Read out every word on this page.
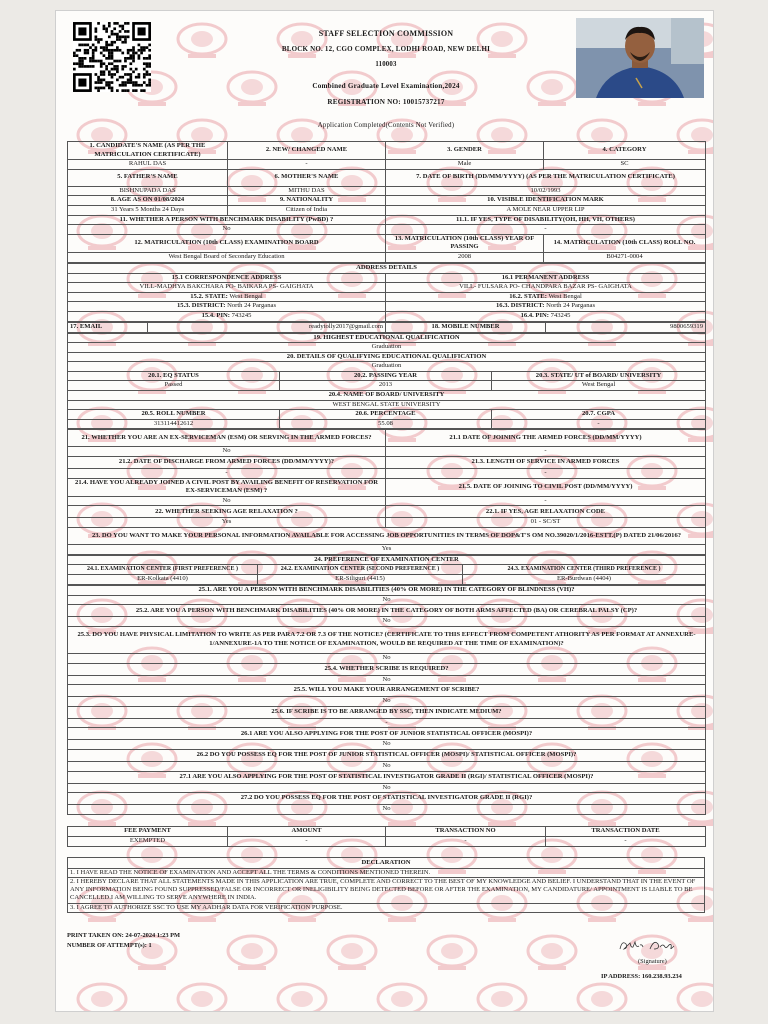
STAFF SELECTION COMMISSION
BLOCK NO. 12, CGO COMPLEX, LODHI ROAD, NEW DELHI
110003
Combined Graduate Level Examination,2024
REGISTRATION NO: 10015737217
Application Completed(Contents Not Verified)
1. CANDIDATE'S NAME (AS PER THE MATRICULATION CERTIFICATE)	2. NEW/ CHANGED NAME	3. GENDER	4. CATEGORY
RAHUL DAS	-	Male	SC
5. FATHER'S NAME	6. MOTHER'S NAME	7. DATE OF BIRTH (DD/MM/YYYY) (AS PER THE MATRICULATION CERTIFICATE)	
BISHNUPADA DAS	MITHU DAS	10/02/1993	
8. AGE AS ON 01/08/2024	9. NATIONALITY	10. VISIBLE IDENTIFICATION MARK	
31 Years 5 Months 24 Days	Citizen of India	A MOLE NEAR UPPER LIP	
11. WHETHER A PERSON WITH BENCHMARK DISABILITY (PwBD) ?		11.1. IF YES, TYPE OF DISABILITY(OH, HH, VH, OTHERS)	
No		-	
12. MATRICULATION (10th CLASS) EXAMINATION BOARD		13. MATRICULATION (10th CLASS) YEAR OF PASSING	14. MATRICULATION (10th CLASS) ROLL NO.
West Bengal Board of Secondary Education		2008	B04271-0004
ADDRESS DETAILS	
15.1 CORRESPONDENCE ADDRESS	16.1 PERMANENT ADDRESS
VILL-MADHYA BAKCHARA PO- BAIKARA PS- GAIGHATA	VILL- FULSARA PO- CHANDPARA BAZAR PS- GAIGHATA
15.2. STATE: West Bengal	16.2. STATE: West Bengal
15.3. DISTRICT: North 24 Parganas	16.3. DISTRICT: North 24 Parganas
15.4. PIN: 743245	16.4. PIN: 743245
17. EMAIL	readytolly2017@gmail.com	18. MOBILE NUMBER	9800659319
19. HIGHEST EDUCATIONAL QUALIFICATION		
Graduation		
20. DETAILS OF QUALIFYING EDUCATIONAL QUALIFICATION		
Graduation		
20.1. EQ STATUS	20.2. PASSING YEAR	20.3. STATE/ UT of BOARD/ UNIVERSITY
Passed	2013	West Bengal
20.4. NAME OF BOARD/ UNIVERSITY		
WEST BENGAL STATE UNIVERSITY		
20.5. ROLL NUMBER	20.6. PERCENTAGE	20.7. CGPA
313114412612	55.08	-
21. WHETHER YOU ARE AN EX-SERVICEMAN (ESM) OR SERVING IN THE ARMED FORCES?	21.1 DATE OF JOINING THE ARMED FORCES (DD/MM/YYYY)
No	-
21.2. DATE OF DISCHARGE FROM ARMED FORCES (DD/MM/YYYY)?	21.3. LENGTH OF SERVICE IN ARMED FORCES
-	-
21.4. HAVE YOU ALREADY JOINED A CIVIL POST BY AVAILING BENEFIT OF RESERVATION FOR EX-SERVICEMAN (ESM) ?	21.5. DATE OF JOINING TO CIVIL POST (DD/MM/YYYY)
No	-
22. WHETHER SEEKING AGE RELAXATION ?	22.1. IF YES, AGE RELAXATION CODE
Yes	01 - SC/ST
23. DO YOU WANT TO MAKE YOUR PERSONAL INFORMATION AVAILABLE FOR ACCESSING JOB OPPORTUNITIES IN TERMS OF DOP&T'S OM NO.39020/1/2016-ESTT.(P) DATED 21/06/2016?	
Yes	
24. PREFERENCE OF EXAMINATION CENTER		
24.1. EXAMINATION CENTER (FIRST PREFERENCE )	24.2. EXAMINATION CENTER (SECOND PREFERENCE )	24.3. EXAMINATION CENTER (THIRD PREFERENCE )
ER-Kolkata (4410)	ER-Siliguri (4415)	ER-Burdwan (4404)
25.1. ARE YOU A PERSON WITH BENCHMARK DISABILITIES (40% OR MORE) IN THE CATEGORY OF BLINDNESS (VH)?
No
25.2. ARE YOU A PERSON WITH BENCHMARK DISABILITIES (40% OR MORE) IN THE CATEGORY OF BOTH ARMS AFFECTED (BA) OR CEREBRAL PALSY (CP)?
No
25.3. DO YOU HAVE PHYSICAL LIMITATION TO WRITE AS PER PARA 7.2 OR 7.3 OF THE NOTICE? (CERTIFICATE TO THIS EFFECT FROM COMPETENT ATHORITY AS PER FORMAT AT ANNEXURE-1/ANNEXURE-1A TO THE NOTICE OF EXAMINATION, WOULD BE REQUIRED AT THE TIME OF EXAMINATION)?
No
25.4. WHETHER SCRIBE IS REQUIRED?
No
25.5. WILL YOU MAKE YOUR ARRANGEMENT OF SCRIBE?
No
25.6. IF SCRIBE IS TO BE ARRANGED BY SSC, THEN INDICATE MEDIUM?
-
26.1 ARE YOU ALSO APPLYING FOR THE POST OF JUNIOR STATISTICAL OFFICER (MOSPI)?
No
26.2 DO YOU POSSESS EQ FOR THE POST OF JUNIOR STATISTICAL OFFICER (MOSPI)/ STATISTICAL OFFICER (MOSPI)?
No
27.1 ARE YOU ALSO APPLYING FOR THE POST OF STATISTICAL INVESTIGATOR GRADE II (RGI)/ STATISTICAL OFFICER (MOSPI)?
No
27.2 DO YOU POSSESS EQ FOR THE POST OF STATISTICAL INVESTIGATOR GRADE II (RGI)?
No
FEE PAYMENT	AMOUNT	TRANSACTION NO	TRANSACTION DATE
EXEMPTED	-	-	-
DECLARATION
1. I HAVE READ THE NOTICE OF EXAMINATION AND ACCEPT ALL THE TERMS & CONDITIONS MENTIONED THEREIN.
2. I HEREBY DECLARE THAT ALL STATEMENTS MADE IN THIS APPLICATION ARE TRUE, COMPLETE AND CORRECT TO THE BEST OF MY KNOWLEDGE AND BELIEF. I UNDERSTAND THAT IN THE EVENT OF ANY INFORMATION BEING FOUND SUPPRESSED/FALSE OR INCORRECT OR INELIGIBILITY BEING DETECTED BEFORE OR AFTER THE EXAMINATION, MY CANDIDATURE/ APPOINTMENT IS LIABLE TO BE CANCELLED.I AM WILLING TO SERVE ANYWHERE IN INDIA.
3. I AGREE TO AUTHORIZE SSC TO USE MY AADHAR DATA FOR VERIFICATION PURPOSE.
PRINT TAKEN ON: 24-07-2024 1:23 PM
NUMBER OF ATTEMPT(s): 1
(Signature)
IP ADDRESS: 160.238.93.234
